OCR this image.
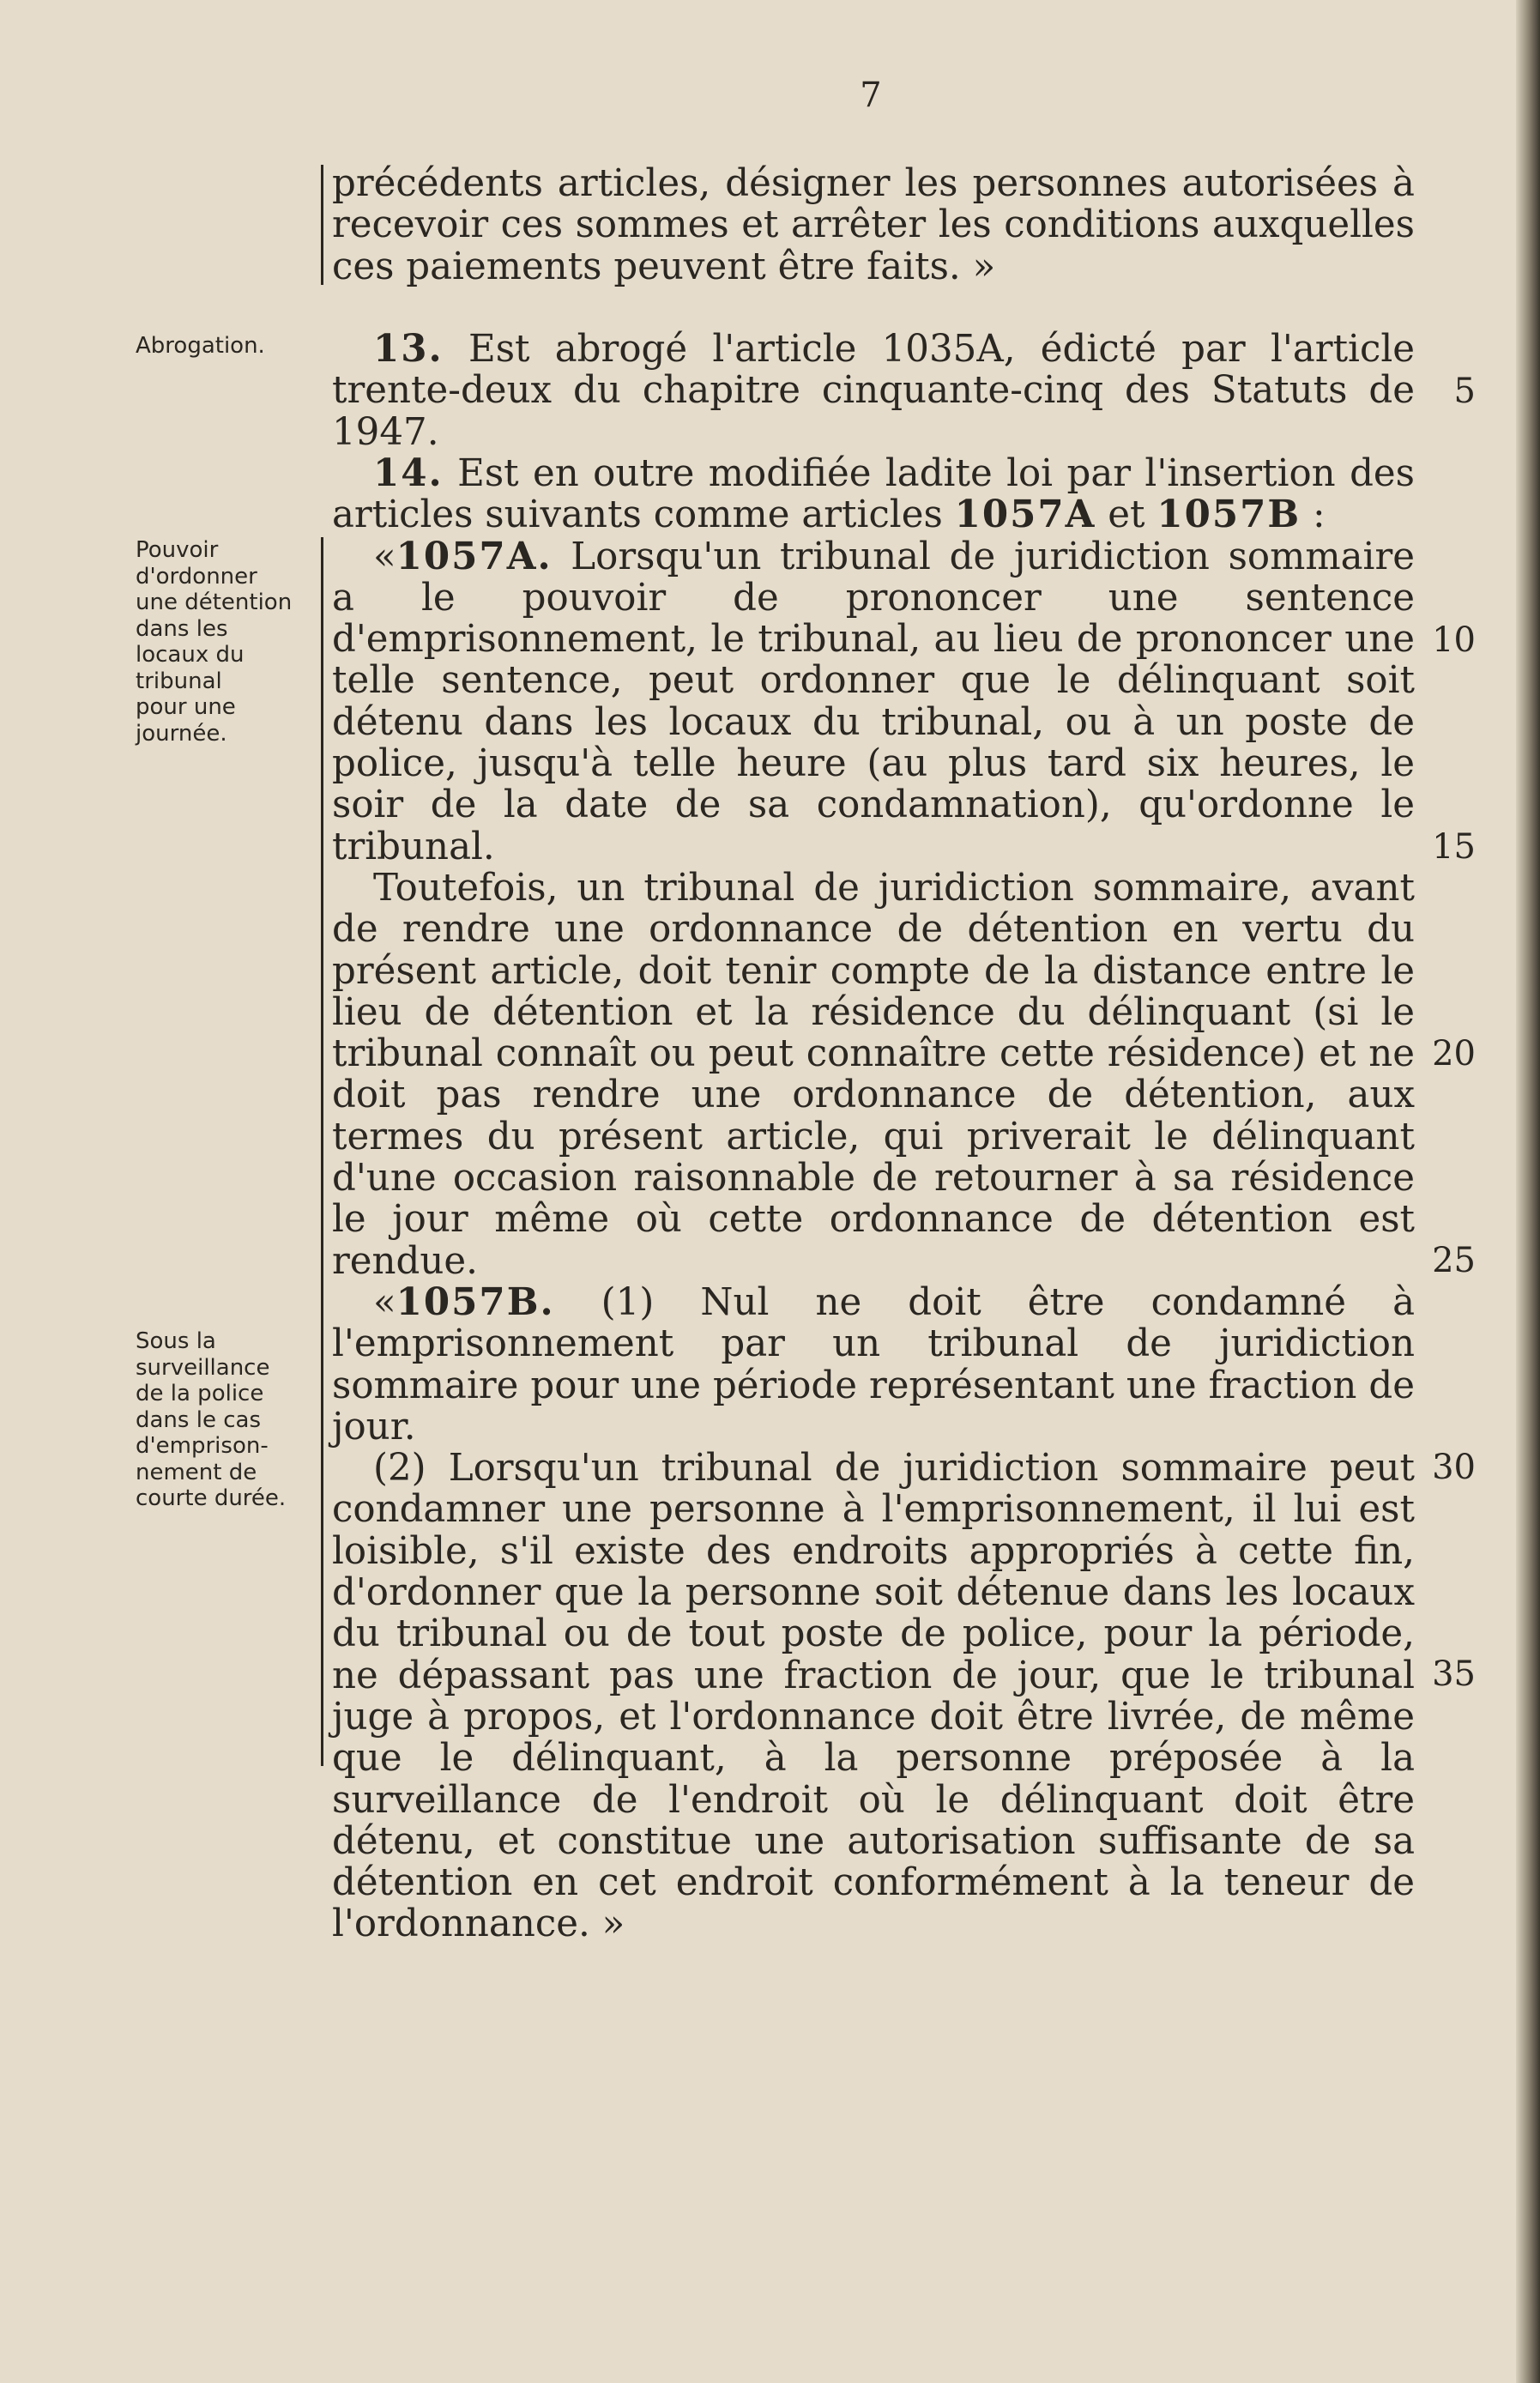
7
Abrogation.
Pouvoir
d'ordonner
une détention
dans les
locaux du
tribunal
pour une
journée.
Sous la
surveillance
de la police
dans le cas
d'emprison-
nement de
courte durée.
5
10
15
20
25
30
35

précédents articles, désigner les personnes autorisées à recevoir ces sommes et arrêter les conditions auxquelles ces paiements peuvent être faits. »

13. Est abrogé l'article 1035A, édicté par l'article trente-deux du chapitre cinquante-cinq des Statuts de 1947.

14. Est en outre modifiée ladite loi par l'insertion des articles suivants comme articles 1057A et 1057B :

«1057A. Lorsqu'un tribunal de juridiction sommaire a le pouvoir de prononcer une sentence d'emprisonnement, le tribunal, au lieu de prononcer une telle sentence, peut ordonner que le délinquant soit détenu dans les locaux du tribunal, ou à un poste de police, jusqu'à telle heure (au plus tard six heures, le soir de la date de sa condamnation), qu'ordonne le tribunal.

Toutefois, un tribunal de juridiction sommaire, avant de rendre une ordonnance de détention en vertu du présent article, doit tenir compte de la distance entre le lieu de détention et la résidence du délinquant (si le tribunal connaît ou peut connaître cette résidence) et ne doit pas rendre une ordonnance de détention, aux termes du présent article, qui priverait le délinquant d'une occasion raisonnable de retourner à sa résidence le jour même où cette ordonnance de détention est rendue.

«1057B. (1) Nul ne doit être condamné à l'emprisonnement par un tribunal de juridiction sommaire pour une période représentant une fraction de jour.

(2) Lorsqu'un tribunal de juridiction sommaire peut condamner une personne à l'emprisonnement, il lui est loisible, s'il existe des endroits appropriés à cette fin, d'ordonner que la personne soit détenue dans les locaux du tribunal ou de tout poste de police, pour la période, ne dépassant pas une fraction de jour, que le tribunal juge à propos, et l'ordonnance doit être livrée, de même que le délinquant, à la personne préposée à la surveillance de l'endroit où le délinquant doit être détenu, et constitue une autorisation suffisante de sa détention en cet endroit conformément à la teneur de l'ordonnance. »
